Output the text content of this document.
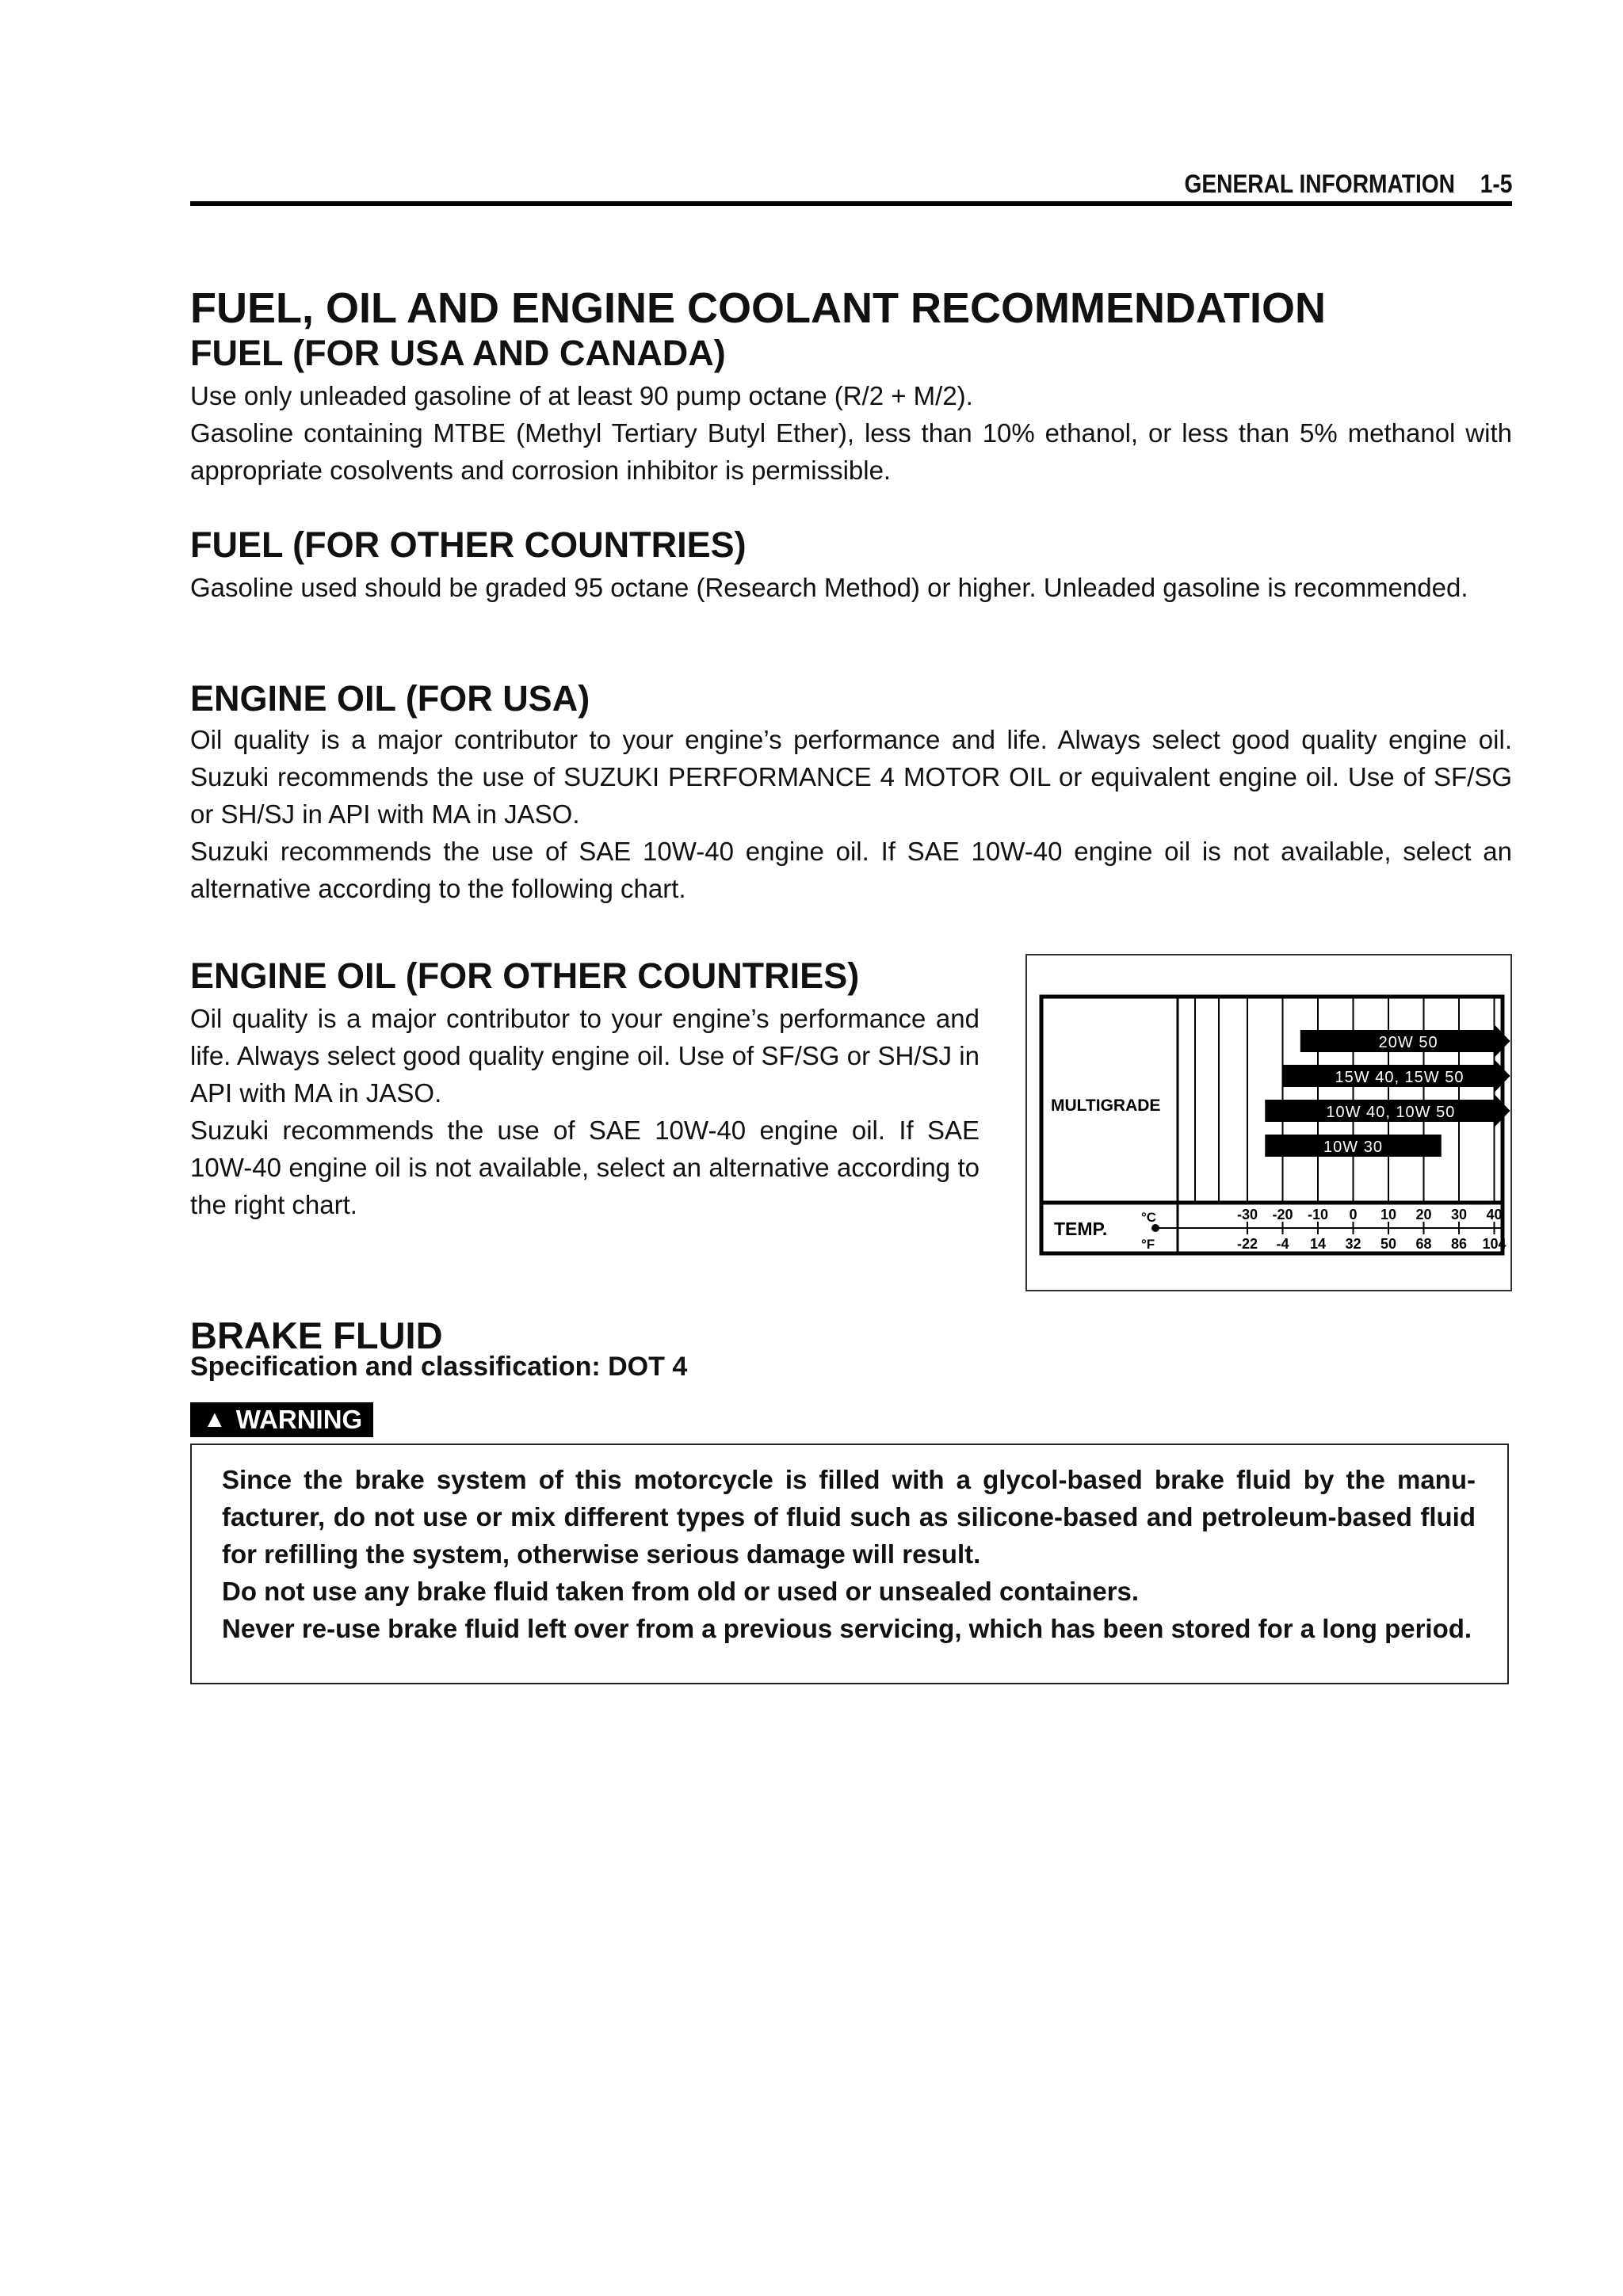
GENERAL INFORMATION 1-5
FUEL, OIL AND ENGINE COOLANT RECOMMENDATION
FUEL (FOR USA AND CANADA)

Use only unleaded gasoline of at least 90 pump octane (R/2 + M/2).

Gasoline containing MTBE (Methyl Tertiary Butyl Ether), less than 10% ethanol, or less than 5% methanol with appropriate cosolvents and corrosion inhibitor is permissible.

FUEL (FOR OTHER COUNTRIES)

Gasoline used should be graded 95 octane (Research Method) or higher. Unleaded gasoline is recommended.

ENGINE OIL (FOR USA)

Oil quality is a major contributor to your engine’s performance and life. Always select good quality engine oil. Suzuki recommends the use of SUZUKI PERFORMANCE 4 MOTOR OIL or equivalent engine oil. Use of SF/SG or SH/SJ in API with MA in JASO.

Suzuki recommends the use of SAE 10W-40 engine oil. If SAE 10W-40 engine oil is not available, select an alternative according to the following chart.

ENGINE OIL (FOR OTHER COUNTRIES)

Oil quality is a major contributor to your engine’s performance and life. Always select good quality engine oil. Use of SF/SG or SH/SJ in API with MA in JASO.

Suzuki recommends the use of SAE 10W-40 engine oil. If SAE 10W-40 engine oil is not available, select an alternative according to the right chart.

MULTIGRADE
TEMP.
°C
°F
-30
-22
-20
-4
-10
14
0
32
10
50
20
68
30
86
40
104
20W 50
15W 40, 15W 50
10W 40, 10W 50
10W 30
BRAKE FLUID
Specification and classification: DOT 4
▲ WARNING

Since the brake system of this motorcycle is filled with a glycol-based brake fluid by the manufacturer, do not use or mix different types of fluid such as silicone-based and petroleum-based fluid for refilling the system, otherwise serious damage will result.

Do not use any brake fluid taken from old or used or unsealed containers.

Never re-use brake fluid left over from a previous servicing, which has been stored for a long period.
